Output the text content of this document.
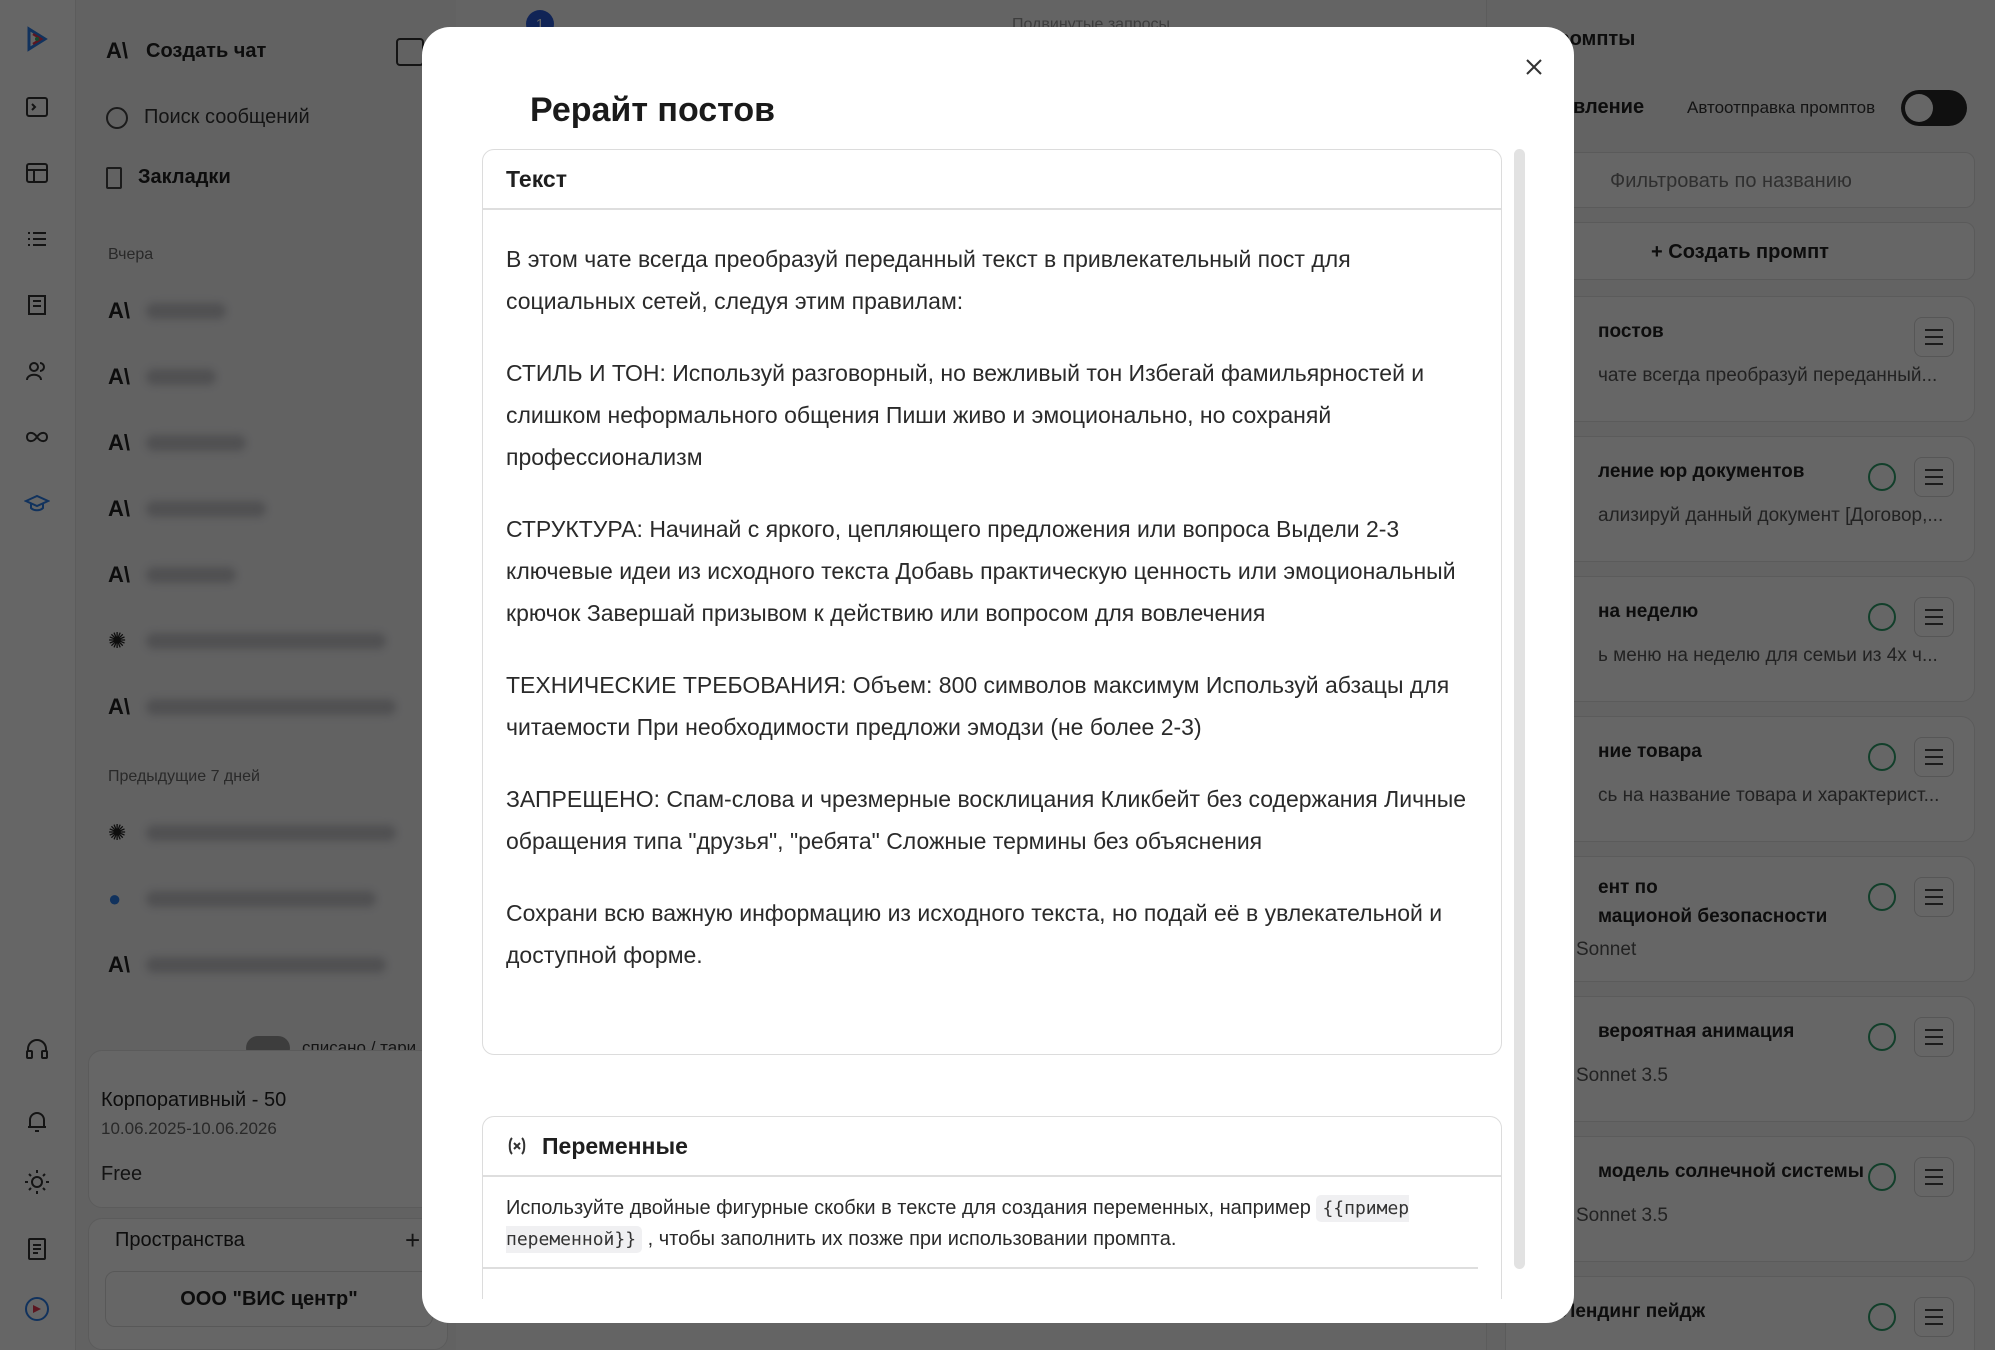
Рерайт постов
Текст

В этом чате всегда преобразуй переданный текст в привлекательный пост для социальных сетей, следуя этим правилам:

СТИЛЬ И ТОН: Используй разговорный, но вежливый тон Избегай фамильярностей и слишком неформального общения Пиши живо и эмоционально, но сохраняй профессионализм

СТРУКТУРА: Начинай с яркого, цепляющего предложения или вопроса Выдели 2-3 ключевые идеи из исходного текста Добавь практическую ценность или эмоциональный крючок Завершай призывом к действию или вопросом для вовлечения

ТЕХНИЧЕСКИЕ ТРЕБОВАНИЯ: Объем: 800 символов максимум Используй абзацы для читаемости При необходимости предложи эмодзи (не более 2-3)

ЗАПРЕЩЕНО: Спам-слова и чрезмерные восклицания Кликбейт без содержания Личные обращения типа "друзья", "ребята" Сложные термины без объяснения

Сохрани всю важную информацию из исходного текста, но подай её в увлекательной и доступной форме.

Переменные
Используйте двойные фигурные скобки в тексте для создания переменных, например {{пример переменной}} , чтобы заполнить их позже при использовании промпта.
